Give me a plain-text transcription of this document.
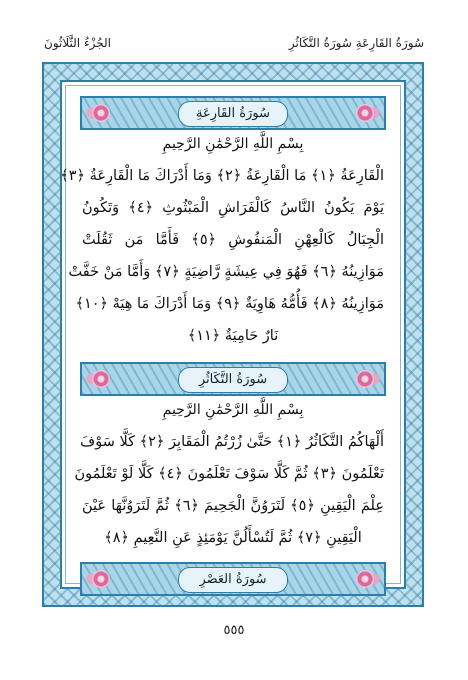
سُورَةُ القَارِعَةِ سُورَةُ التَّكَاثُرِ
الجُزْءُ الثَّلَاثُونَ
سُورَةُ القَارِعَةِ
بِسْمِ اللَّهِ الرَّحْمَٰنِ الرَّحِيمِ
الْقَارِعَةُ ﴿١﴾ مَا الْقَارِعَةُ ﴿٢﴾ وَمَا أَدْرَاكَ مَا الْقَارِعَةُ ﴿٣﴾
يَوْمَ يَكُونُ النَّاسُ كَالْفَرَاشِ الْمَبْثُوثِ ﴿٤﴾ وَتَكُونُ
الْجِبَالُ كَالْعِهْنِ الْمَنفُوشِ ﴿٥﴾ فَأَمَّا مَن ثَقُلَتْ
مَوَازِينُهُ ﴿٦﴾ فَهُوَ فِي عِيشَةٍ رَّاضِيَةٍ ﴿٧﴾ وَأَمَّا مَنْ خَفَّتْ
مَوَازِينُهُ ﴿٨﴾ فَأُمُّهُ هَاوِيَةٌ ﴿٩﴾ وَمَا أَدْرَاكَ مَا هِيَهْ ﴿١٠﴾
نَارٌ حَامِيَةٌ ﴿١١﴾
سُورَةُ التَّكَاثُرِ
بِسْمِ اللَّهِ الرَّحْمَٰنِ الرَّحِيمِ
أَلْهَاكُمُ التَّكَاثُرُ ﴿١﴾ حَتَّىٰ زُرْتُمُ الْمَقَابِرَ ﴿٢﴾ كَلَّا سَوْفَ
تَعْلَمُونَ ﴿٣﴾ ثُمَّ كَلَّا سَوْفَ تَعْلَمُونَ ﴿٤﴾ كَلَّا لَوْ تَعْلَمُونَ
عِلْمَ الْيَقِينِ ﴿٥﴾ لَتَرَوُنَّ الْجَحِيمَ ﴿٦﴾ ثُمَّ لَتَرَوُنَّهَا عَيْنَ
الْيَقِينِ ﴿٧﴾ ثُمَّ لَتُسْأَلُنَّ يَوْمَئِذٍ عَنِ النَّعِيمِ ﴿٨﴾
سُورَةُ العَصْرِ
٥٥٥
